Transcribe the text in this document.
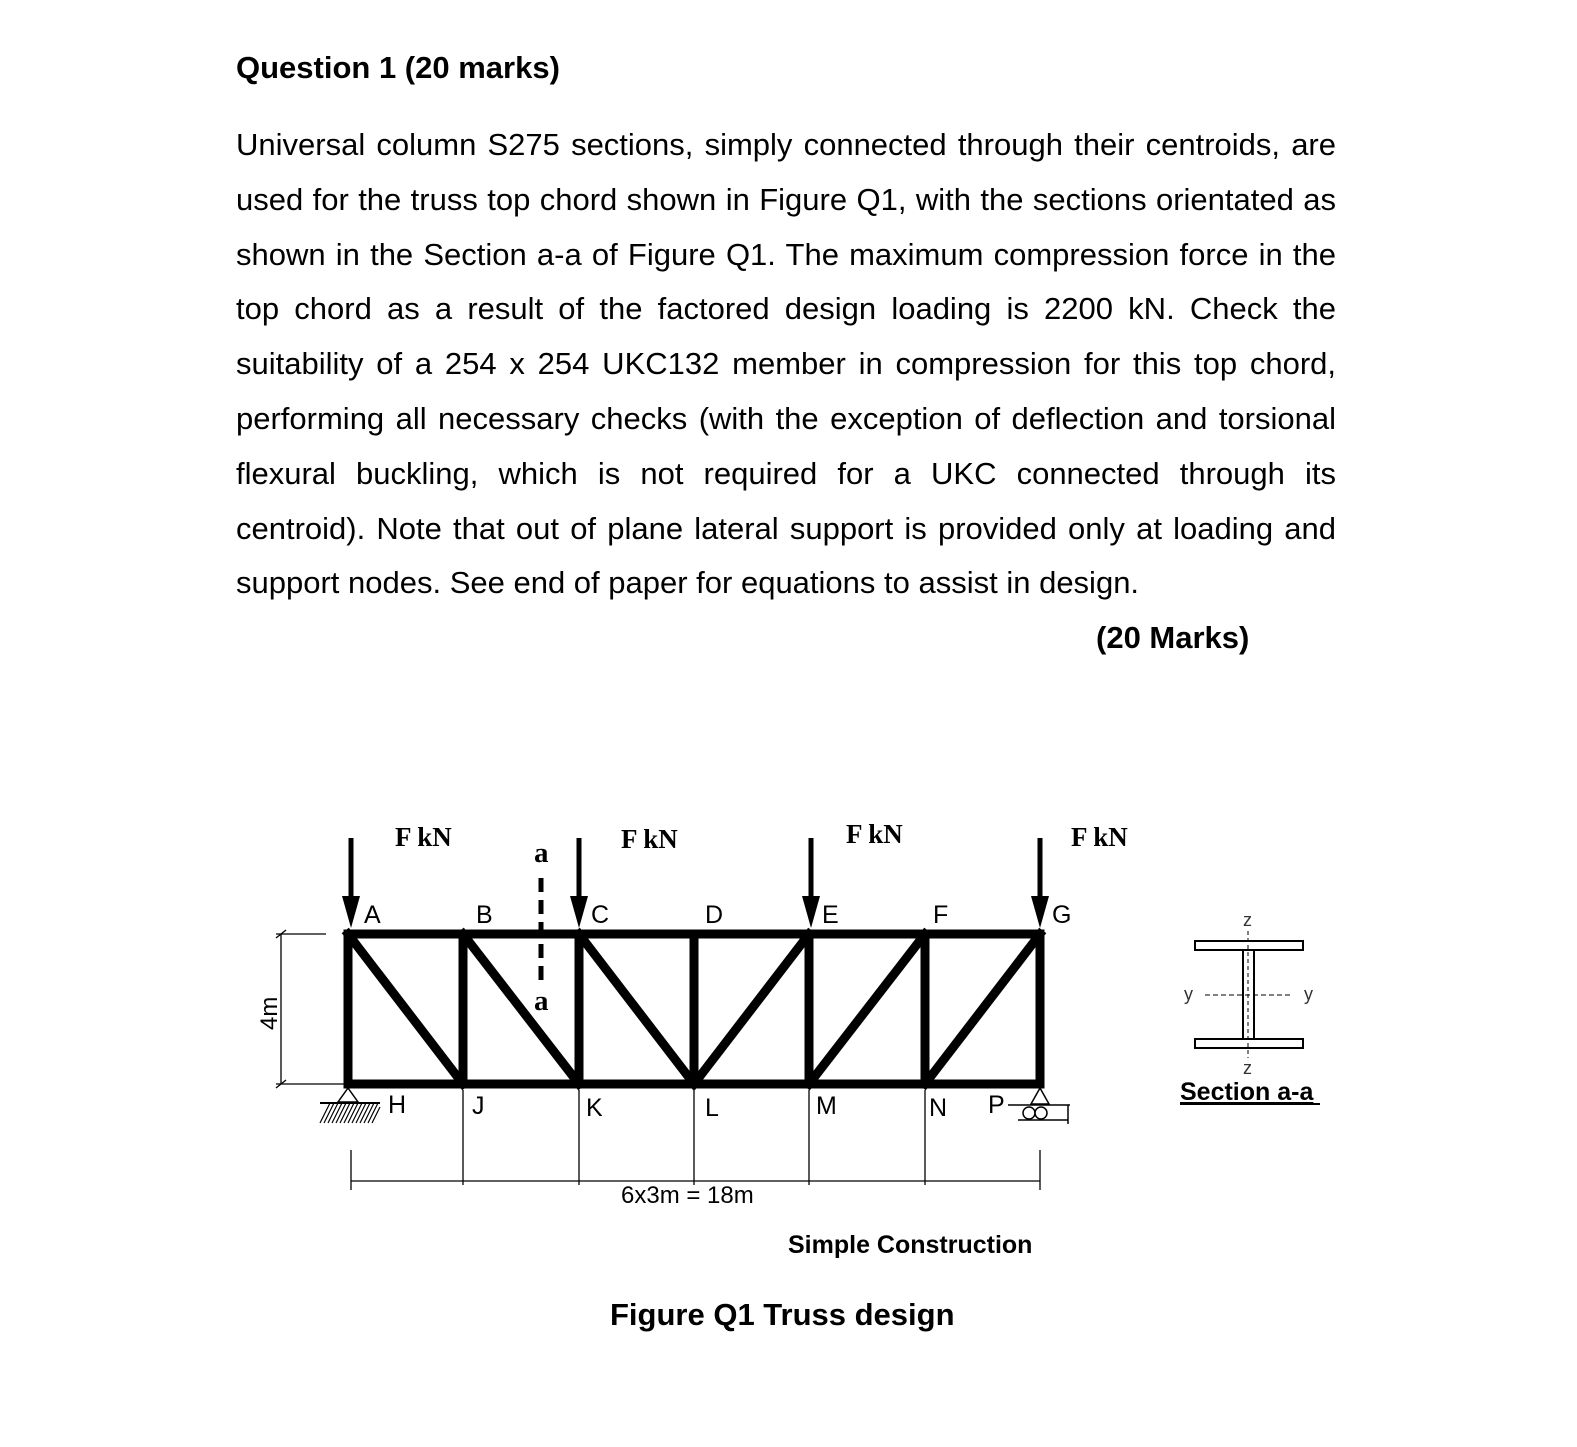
Question 1 (20 marks)

Universal column S275 sections, simply connected through their centroids, are used for the truss top chord shown in Figure Q1, with the sections orientated as shown in the Section a-a of Figure Q1. The maximum compression force in the top chord as a result of the factored design loading is 2200 kN. Check the suitability of a 254 x 254 UKC132 member in compression for this top chord, performing all necessary checks (with the exception of deflection and torsional flexural buckling, which is not required for a UKC connected through its centroid). Note that out of plane lateral support is provided only at loading and support nodes. See end of paper for equations to assist in design.

(20 Marks)
F kN	F kN	F kN	F kN
a
a
A	B	C	D	E	F	G
H	J	K	L	M	N P
4m
6x3m = 18m
Simple Construction
Figure Q1 Truss design
z
z
y	y
Section a-a
